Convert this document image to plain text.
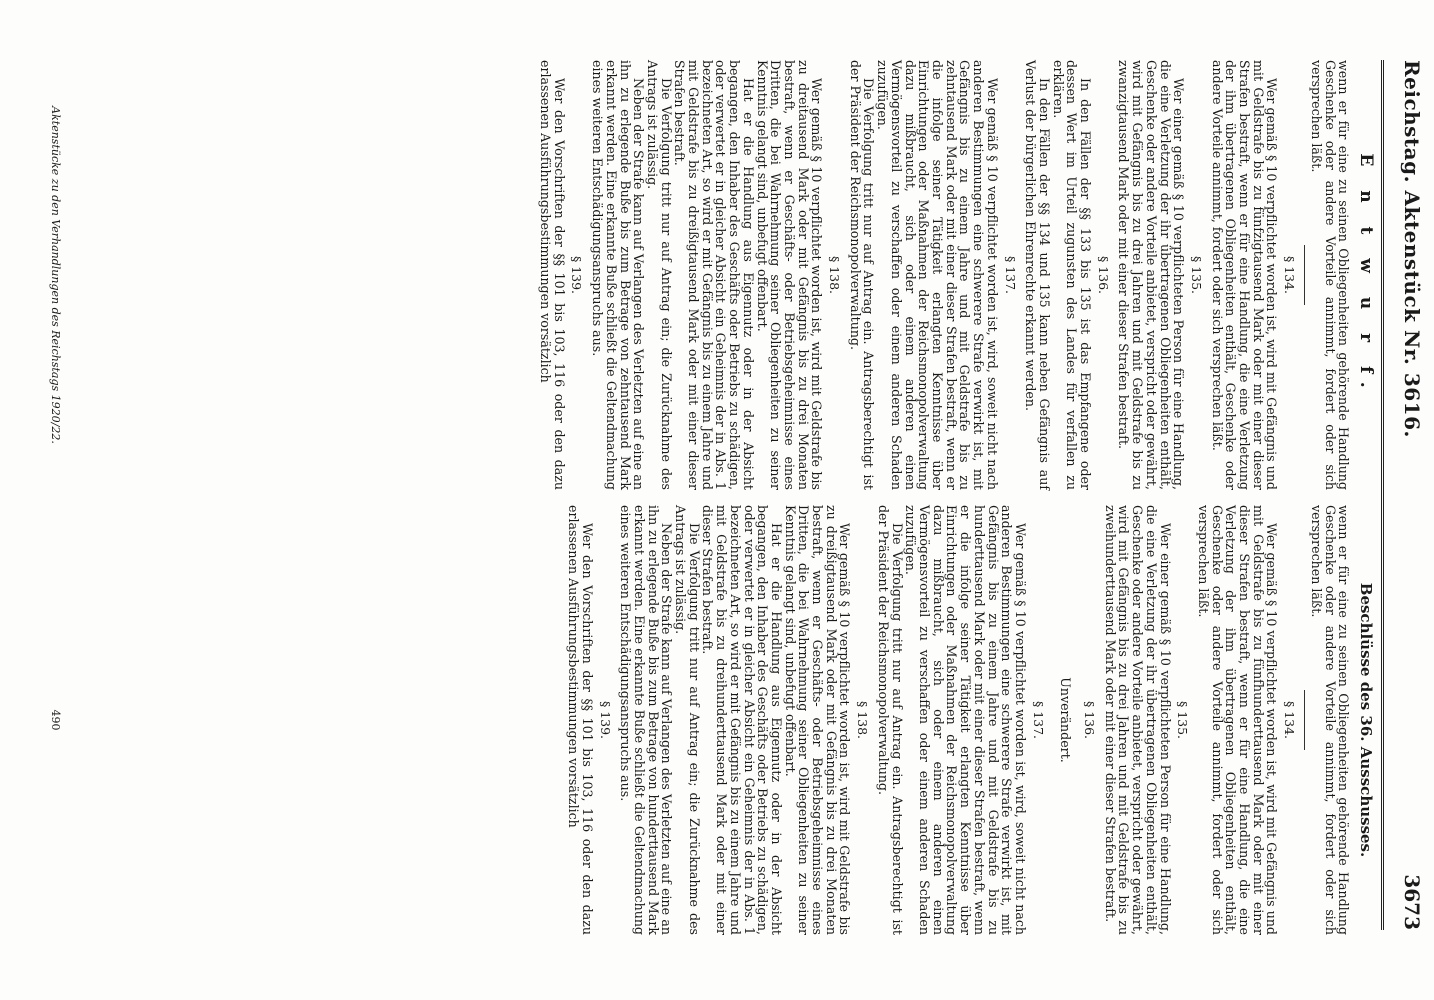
Reichstag. Aktenstück Nr. 3616.
3673
E n t w u r f.

wenn er für eine zu seinen Obliegenheiten gehörende Handlung Geschenke oder andere Vorteile annimmt, fordert oder sich versprechen läßt.

§ 134.

Wer gemäß § 10 verpflichtet worden ist, wird mit Gefängnis und mit Geldstrafe bis zu fünfzigtausend Mark oder mit einer dieser Strafen bestraft, wenn er für eine Handlung, die eine Verletzung der ihm übertragenen Obliegenheiten enthält, Geschenke oder andere Vorteile annimmt, fordert oder sich versprechen läßt.

§ 135.

Wer einer gemäß § 10 verpflichteten Person für eine Handlung, die eine Verletzung der ihr übertragenen Obliegenheiten enthält, Geschenke oder andere Vorteile anbietet, verspricht oder gewährt, wird mit Gefängnis bis zu drei Jahren und mit Geldstrafe bis zu zwanzigtausend Mark oder mit einer dieser Strafen bestraft.

§ 136.

In den Fällen der §§ 133 bis 135 ist das Empfangene oder dessen Wert im Urteil zugunsten des Landes für verfallen zu erklären.

In den Fällen der §§ 134 und 135 kann neben Gefängnis auf Verlust der bürgerlichen Ehrenrechte erkannt werden.

§ 137.

Wer gemäß § 10 verpflichtet worden ist, wird, soweit nicht nach anderen Bestimmungen eine schwerere Strafe verwirkt ist, mit Gefängnis bis zu einem Jahre und mit Geldstrafe bis zu zehntausend Mark oder mit einer dieser Strafen bestraft, wenn er die infolge seiner Tätigkeit erlangten Kenntnisse über Einrichtungen oder Maßnahmen der Reichsmonopolverwaltung dazu mißbraucht, sich oder einem anderen einen Vermögensvorteil zu verschaffen oder einem anderen Schaden zuzufügen.

Die Verfolgung tritt nur auf Antrag ein. Antragsberechtigt ist der Präsident der Reichsmonopolverwaltung.

§ 138.

Wer gemäß § 10 verpflichtet worden ist, wird mit Geldstrafe bis zu dreitausend Mark oder mit Gefängnis bis zu drei Monaten bestraft, wenn er Geschäfts- oder Betriebsgeheimnisse eines Dritten, die bei Wahrnehmung seiner Obliegenheiten zu seiner Kenntnis gelangt sind, unbefugt offenbart.

Hat er die Handlung aus Eigennutz oder in der Absicht begangen, den Inhaber des Geschäfts oder Betriebs zu schädigen, oder verwertet er in gleicher Absicht ein Geheimnis der in Abs. 1 bezeichneten Art, so wird er mit Gefängnis bis zu einem Jahre und mit Geldstrafe bis zu dreißigtausend Mark oder mit einer dieser Strafen bestraft.

Die Verfolgung tritt nur auf Antrag ein; die Zurücknahme des Antrags ist zulässig.

Neben der Strafe kann auf Verlangen des Verletzten auf eine an ihn zu erlegende Buße bis zum Betrage von zehntausend Mark erkannt werden. Eine erkannte Buße schließt die Geltendmachung eines weiteren Entschädigungsanspruchs aus.

§ 139.

Wer den Vorschriften der §§ 101 bis 103, 116 oder den dazu erlassenen Ausführungsbestimmungen vorsätzlich

Beschlüsse des 36. Ausschusses.

wenn er für eine zu seinen Obliegenheiten gehörende Handlung Geschenke oder andere Vorteile annimmt, fordert oder sich versprechen läßt.

§ 134.

Wer gemäß § 10 verpflichtet worden ist, wird mit Gefängnis und mit Geldstrafe bis zu fünfhunderttausend Mark oder mit einer dieser Strafen bestraft, wenn er für eine Handlung, die eine Verletzung der ihm übertragenen Obliegenheiten enthält, Geschenke oder andere Vorteile annimmt, fordert oder sich versprechen läßt.

§ 135.

Wer einer gemäß § 10 verpflichteten Person für eine Handlung, die eine Verletzung der ihr übertragenen Obliegenheiten enthält, Geschenke oder andere Vorteile anbietet, verspricht oder gewährt, wird mit Gefängnis bis zu drei Jahren und mit Geldstrafe bis zu zweihunderttausend Mark oder mit einer dieser Strafen bestraft.

§ 136.
Unverändert.
§ 137.

Wer gemäß § 10 verpflichtet worden ist, wird, soweit nicht nach anderen Bestimmungen eine schwerere Strafe verwirkt ist, mit Gefängnis bis zu einem Jahre und mit Geldstrafe bis zu hunderttausend Mark oder mit einer dieser Strafen bestraft, wenn er die infolge seiner Tätigkeit erlangten Kenntnisse über Einrichtungen oder Maßnahmen der Reichsmonopolverwaltung dazu mißbraucht, sich oder einem anderen einen Vermögensvorteil zu verschaffen oder einem anderen Schaden zuzufügen.

Die Verfolgung tritt nur auf Antrag ein. Antragsberechtigt ist der Präsident der Reichsmonopolverwaltung.

§ 138.

Wer gemäß § 10 verpflichtet worden ist, wird mit Geldstrafe bis zu dreißigtausend Mark oder mit Gefängnis bis zu drei Monaten bestraft, wenn er Geschäfts- oder Betriebsgeheimnisse eines Dritten, die bei Wahrnehmung seiner Obliegenheiten zu seiner Kenntnis gelangt sind, unbefugt offenbart.

Hat er die Handlung aus Eigennutz oder in der Absicht begangen, den Inhaber des Geschäfts oder Betriebs zu schädigen, oder verwertet er in gleicher Absicht ein Geheimnis der in Abs. 1 bezeichneten Art, so wird er mit Gefängnis bis zu einem Jahre und mit Geldstrafe bis zu dreihunderttausend Mark oder mit einer dieser Strafen bestraft.

Die Verfolgung tritt nur auf Antrag ein; die Zurücknahme des Antrags ist zulässig.

Neben der Strafe kann auf Verlangen des Verletzten auf eine an ihn zu erlegende Buße bis zum Betrage von hunderttausend Mark erkannt werden. Eine erkannte Buße schließt die Geltendmachung eines weiteren Entschädigungsanspruchs aus.

§ 139.

Wer den Vorschriften der §§ 101 bis 103, 116 oder den dazu erlassenen Ausführungsbestimmungen vorsätzlich

Aktenstücke zu den Verhandlungen des Reichstags 1920/22.
490
